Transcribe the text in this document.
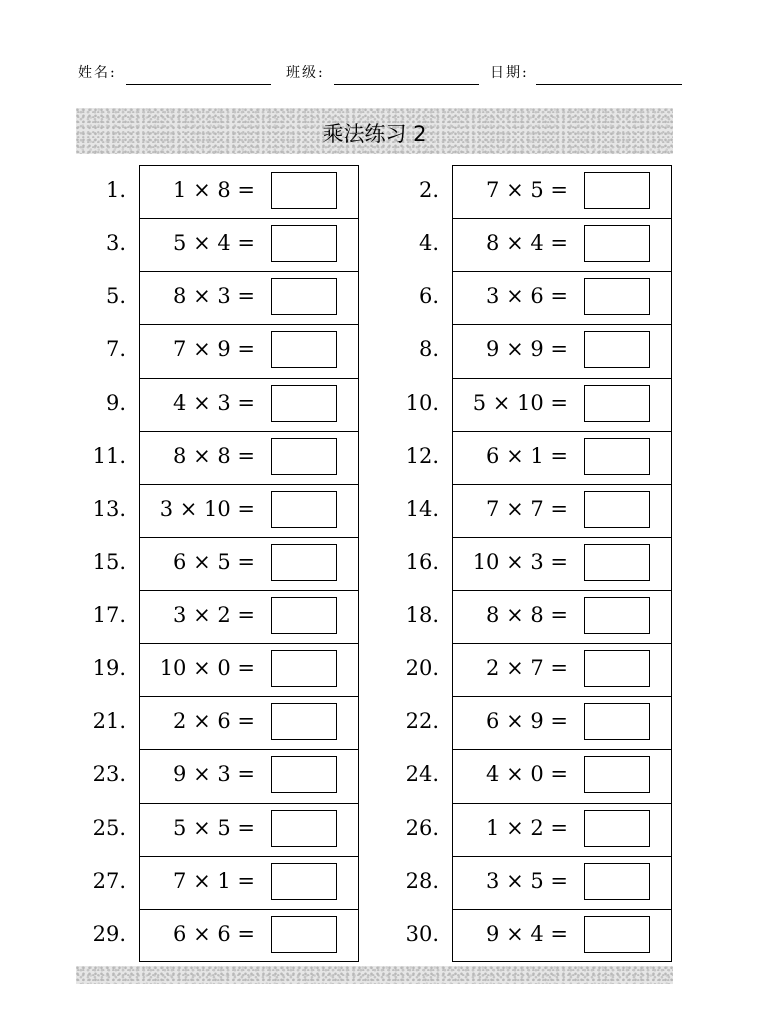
姓名:	班级:	日期:
乘法练习 2
1.	1 × 8 =
3.	5 × 4 =
5.	8 × 3 =
7.	7 × 9 =
9.	4 × 3 =
11.	8 × 8 =
13.	3 × 10 =
15.	6 × 5 =
17.	3 × 2 =
19.	10 × 0 =
21.	2 × 6 =
23.	9 × 3 =
25.	5 × 5 =
27.	7 × 1 =
29.	6 × 6 =
2.	7 × 5 =
4.	8 × 4 =
6.	3 × 6 =
8.	9 × 9 =
10.	5 × 10 =
12.	6 × 1 =
14.	7 × 7 =
16.	10 × 3 =
18.	8 × 8 =
20.	2 × 7 =
22.	6 × 9 =
24.	4 × 0 =
26.	1 × 2 =
28.	3 × 5 =
30.	9 × 4 =
